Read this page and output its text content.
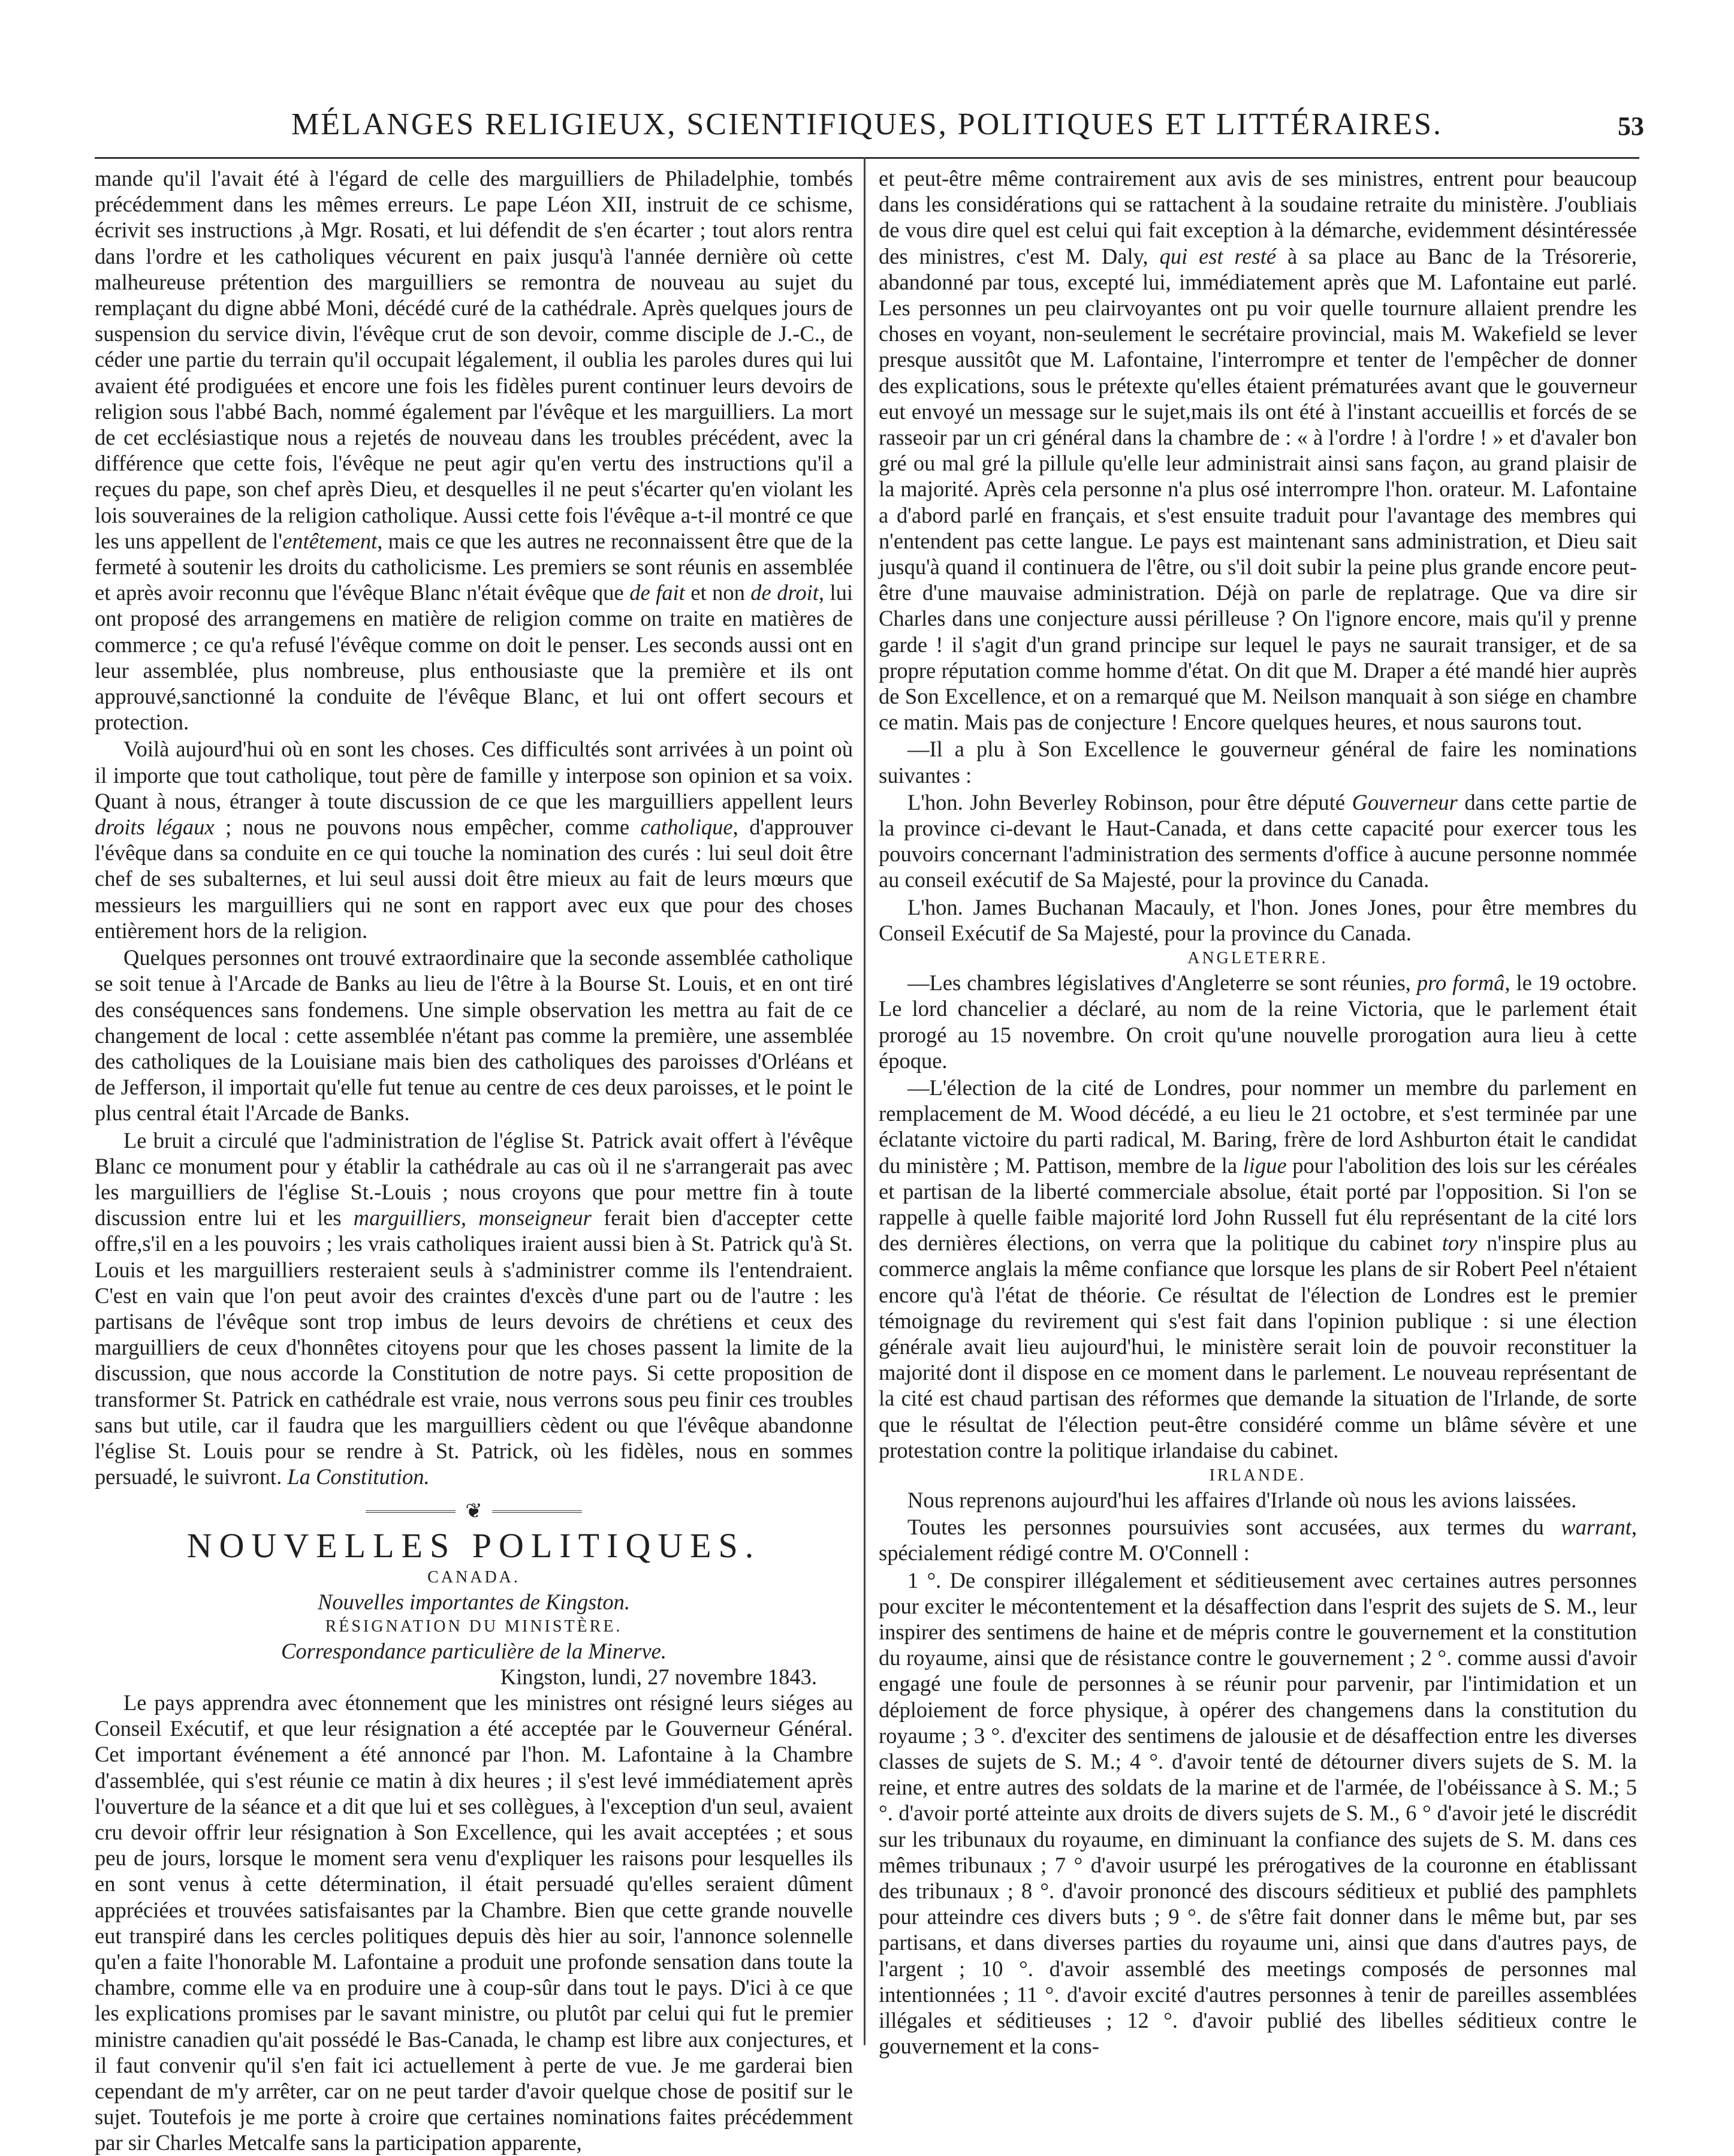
MÉLANGES RELIGIEUX, SCIENTIFIQUES, POLITIQUES ET LITTÉRAIRES.	53

mande qu'il l'avait été à l'égard de celle des marguilliers de Philadelphie, tombés précédemment dans les mêmes erreurs. Le pape Léon XII, instruit de ce schisme, écrivit ses instructions ,à Mgr. Rosati, et lui défendit de s'en écarter ; tout alors rentra dans l'ordre et les catholiques vécurent en paix jusqu'à l'année dernière où cette malheureuse prétention des marguilliers se remontra de nouveau au sujet du remplaçant du digne abbé Moni, décédé curé de la cathédrale. Après quelques jours de suspension du service divin, l'évêque crut de son devoir, comme disciple de J.-C., de céder une partie du terrain qu'il occupait légalement, il oublia les paroles dures qui lui avaient été prodiguées et encore une fois les fidèles purent continuer leurs devoirs de religion sous l'abbé Bach, nommé également par l'évêque et les marguilliers. La mort de cet ecclésiastique nous a rejetés de nouveau dans les troubles précédent, avec la différence que cette fois, l'évêque ne peut agir qu'en vertu des instructions qu'il a reçues du pape, son chef après Dieu, et desquelles il ne peut s'écarter qu'en violant les lois souveraines de la religion catholique. Aussi cette fois l'évêque a-t-il montré ce que les uns appellent de l'entêtement, mais ce que les autres ne reconnaissent être que de la fermeté à soutenir les droits du catholicisme. Les premiers se sont réunis en assemblée et après avoir reconnu que l'évêque Blanc n'était évêque que de fait et non de droit, lui ont proposé des arrangemens en matière de religion comme on traite en matières de commerce ; ce qu'a refusé l'évêque comme on doit le penser. Les seconds aussi ont en leur assemblée, plus nombreuse, plus enthousiaste que la première et ils ont approuvé,sanctionné la conduite de l'évêque Blanc, et lui ont offert secours et protection.

Voilà aujourd'hui où en sont les choses. Ces difficultés sont arrivées à un point où il importe que tout catholique, tout père de famille y interpose son opinion et sa voix. Quant à nous, étranger à toute discussion de ce que les marguilliers appellent leurs droits légaux ; nous ne pouvons nous empêcher, comme catholique, d'approuver l'évêque dans sa conduite en ce qui touche la nomination des curés : lui seul doit être chef de ses subalternes, et lui seul aussi doit être mieux au fait de leurs mœurs que messieurs les marguilliers qui ne sont en rapport avec eux que pour des choses entièrement hors de la religion.

Quelques personnes ont trouvé extraordinaire que la seconde assemblée catholique se soit tenue à l'Arcade de Banks au lieu de l'être à la Bourse St. Louis, et en ont tiré des conséquences sans fondemens. Une simple observation les mettra au fait de ce changement de local : cette assemblée n'étant pas comme la première, une assemblée des catholiques de la Louisiane mais bien des catholiques des paroisses d'Orléans et de Jefferson, il importait qu'elle fut tenue au centre de ces deux paroisses, et le point le plus central était l'Arcade de Banks.

Le bruit a circulé que l'administration de l'église St. Patrick avait offert à l'évêque Blanc ce monument pour y établir la cathédrale au cas où il ne s'arrangerait pas avec les marguilliers de l'église St.-Louis ; nous croyons que pour mettre fin à toute discussion entre lui et les marguilliers, monseigneur ferait bien d'accepter cette offre,s'il en a les pouvoirs ; les vrais catholiques iraient aussi bien à St. Patrick qu'à St. Louis et les marguilliers resteraient seuls à s'administrer comme ils l'entendraient. C'est en vain que l'on peut avoir des craintes d'excès d'une part ou de l'autre : les partisans de l'évêque sont trop imbus de leurs devoirs de chrétiens et ceux des marguilliers de ceux d'honnêtes citoyens pour que les choses passent la limite de la discussion, que nous accorde la Constitution de notre pays. Si cette proposition de transformer St. Patrick en cathédrale est vraie, nous verrons sous peu finir ces troubles sans but utile, car il faudra que les marguilliers cèdent ou que l'évêque abandonne l'église St. Louis pour se rendre à St. Patrick, où les fidèles, nous en sommes persuadé, le suivront. La Constitution.

❦
NOUVELLES POLITIQUES.
CANADA.
Nouvelles importantes de Kingston.
RÉSIGNATION DU MINISTÈRE.
Correspondance particulière de la Minerve.
Kingston, lundi, 27 novembre 1843.

Le pays apprendra avec étonnement que les ministres ont résigné leurs siéges au Conseil Exécutif, et que leur résignation a été acceptée par le Gouverneur Général. Cet important événement a été annoncé par l'hon. M. Lafontaine à la Chambre d'assemblée, qui s'est réunie ce matin à dix heures ; il s'est levé immédiatement après l'ouverture de la séance et a dit que lui et ses collègues, à l'exception d'un seul, avaient cru devoir offrir leur résignation à Son Excellence, qui les avait acceptées ; et sous peu de jours, lorsque le moment sera venu d'expliquer les raisons pour lesquelles ils en sont venus à cette détermination, il était persuadé qu'elles seraient dûment appréciées et trouvées satisfaisantes par la Chambre. Bien que cette grande nouvelle eut transpiré dans les cercles politiques depuis dès hier au soir, l'annonce solennelle qu'en a faite l'honorable M. Lafontaine a produit une profonde sensation dans toute la chambre, comme elle va en produire une à coup-sûr dans tout le pays. D'ici à ce que les explications promises par le savant ministre, ou plutôt par celui qui fut le premier ministre canadien qu'ait possédé le Bas-Canada, le champ est libre aux conjectures, et il faut convenir qu'il s'en fait ici actuellement à perte de vue. Je me garderai bien cependant de m'y arrêter, car on ne peut tarder d'avoir quelque chose de positif sur le sujet. Toutefois je me porte à croire que certaines nominations faites précédemment par sir Charles Metcalfe sans la participation apparente,

et peut-être même contrairement aux avis de ses ministres, entrent pour beaucoup dans les considérations qui se rattachent à la soudaine retraite du ministère. J'oubliais de vous dire quel est celui qui fait exception à la démarche, evidemment désintéressée des ministres, c'est M. Daly, qui est resté à sa place au Banc de la Trésorerie, abandonné par tous, excepté lui, immédiatement après que M. Lafontaine eut parlé. Les personnes un peu clairvoyantes ont pu voir quelle tournure allaient prendre les choses en voyant, non-seulement le secrétaire provincial, mais M. Wakefield se lever presque aussitôt que M. Lafontaine, l'interrompre et tenter de l'empêcher de donner des explications, sous le prétexte qu'elles étaient prématurées avant que le gouverneur eut envoyé un message sur le sujet,mais ils ont été à l'instant accueillis et forcés de se rasseoir par un cri général dans la chambre de : « à l'ordre ! à l'ordre ! » et d'avaler bon gré ou mal gré la pillule qu'elle leur administrait ainsi sans façon, au grand plaisir de la majorité. Après cela personne n'a plus osé interrompre l'hon. orateur. M. Lafontaine a d'abord parlé en français, et s'est ensuite traduit pour l'avantage des membres qui n'entendent pas cette langue. Le pays est maintenant sans administration, et Dieu sait jusqu'à quand il continuera de l'être, ou s'il doit subir la peine plus grande encore peut-être d'une mauvaise administration. Déjà on parle de replatrage. Que va dire sir Charles dans une conjecture aussi périlleuse ? On l'ignore encore, mais qu'il y prenne garde ! il s'agit d'un grand principe sur lequel le pays ne saurait transiger, et de sa propre réputation comme homme d'état. On dit que M. Draper a été mandé hier auprès de Son Excellence, et on a remarqué que M. Neilson manquait à son siége en chambre ce matin. Mais pas de conjecture ! Encore quelques heures, et nous saurons tout.

—Il a plu à Son Excellence le gouverneur général de faire les nominations suivantes :

L'hon. John Beverley Robinson, pour être député Gouverneur dans cette partie de la province ci-devant le Haut-Canada, et dans cette capacité pour exercer tous les pouvoirs concernant l'administration des serments d'office à aucune personne nommée au conseil exécutif de Sa Majesté, pour la province du Canada.

L'hon. James Buchanan Macauly, et l'hon. Jones Jones, pour être membres du Conseil Exécutif de Sa Majesté, pour la province du Canada.

ANGLETERRE.

—Les chambres législatives d'Angleterre se sont réunies, pro formâ, le 19 octobre. Le lord chancelier a déclaré, au nom de la reine Victoria, que le parlement était prorogé au 15 novembre. On croit qu'une nouvelle prorogation aura lieu à cette époque.

—L'élection de la cité de Londres, pour nommer un membre du parlement en remplacement de M. Wood décédé, a eu lieu le 21 octobre, et s'est terminée par une éclatante victoire du parti radical, M. Baring, frère de lord Ashburton était le candidat du ministère ; M. Pattison, membre de la ligue pour l'abolition des lois sur les céréales et partisan de la liberté commerciale absolue, était porté par l'opposition. Si l'on se rappelle à quelle faible majorité lord John Russell fut élu représentant de la cité lors des dernières élections, on verra que la politique du cabinet tory n'inspire plus au commerce anglais la même confiance que lorsque les plans de sir Robert Peel n'étaient encore qu'à l'état de théorie. Ce résultat de l'élection de Londres est le premier témoignage du revirement qui s'est fait dans l'opinion publique : si une élection générale avait lieu aujourd'hui, le ministère serait loin de pouvoir reconstituer la majorité dont il dispose en ce moment dans le parlement. Le nouveau représentant de la cité est chaud partisan des réformes que demande la situation de l'Irlande, de sorte que le résultat de l'élection peut-être considéré comme un blâme sévère et une protestation contre la politique irlandaise du cabinet.

IRLANDE.

Nous reprenons aujourd'hui les affaires d'Irlande où nous les avions laissées.

Toutes les personnes poursuivies sont accusées, aux termes du warrant, spécialement rédigé contre M. O'Connell :

1 °. De conspirer illégalement et séditieusement avec certaines autres personnes pour exciter le mécontentement et la désaffection dans l'esprit des sujets de S. M., leur inspirer des sentimens de haine et de mépris contre le gouvernement et la constitution du royaume, ainsi que de résistance contre le gouvernement ; 2 °. comme aussi d'avoir engagé une foule de personnes à se réunir pour parvenir, par l'intimidation et un déploiement de force physique, à opérer des changemens dans la constitution du royaume ; 3 °. d'exciter des sentimens de jalousie et de désaffection entre les diverses classes de sujets de S. M.; 4 °. d'avoir tenté de détourner divers sujets de S. M. la reine, et entre autres des soldats de la marine et de l'armée, de l'obéissance à S. M.; 5 °. d'avoir porté atteinte aux droits de divers sujets de S. M., 6 ° d'avoir jeté le discrédit sur les tribunaux du royaume, en diminuant la confiance des sujets de S. M. dans ces mêmes tribunaux ; 7 ° d'avoir usurpé les prérogatives de la couronne en établissant des tribunaux ; 8 °. d'avoir prononcé des discours séditieux et publié des pamphlets pour atteindre ces divers buts ; 9 °. de s'être fait donner dans le même but, par ses partisans, et dans diverses parties du royaume uni, ainsi que dans d'autres pays, de l'argent ; 10 °. d'avoir assemblé des meetings composés de personnes mal intentionnées ; 11 °. d'avoir excité d'autres personnes à tenir de pareilles assemblées illégales et séditieuses ; 12 °. d'avoir publié des libelles séditieux contre le gouvernement et la cons-
